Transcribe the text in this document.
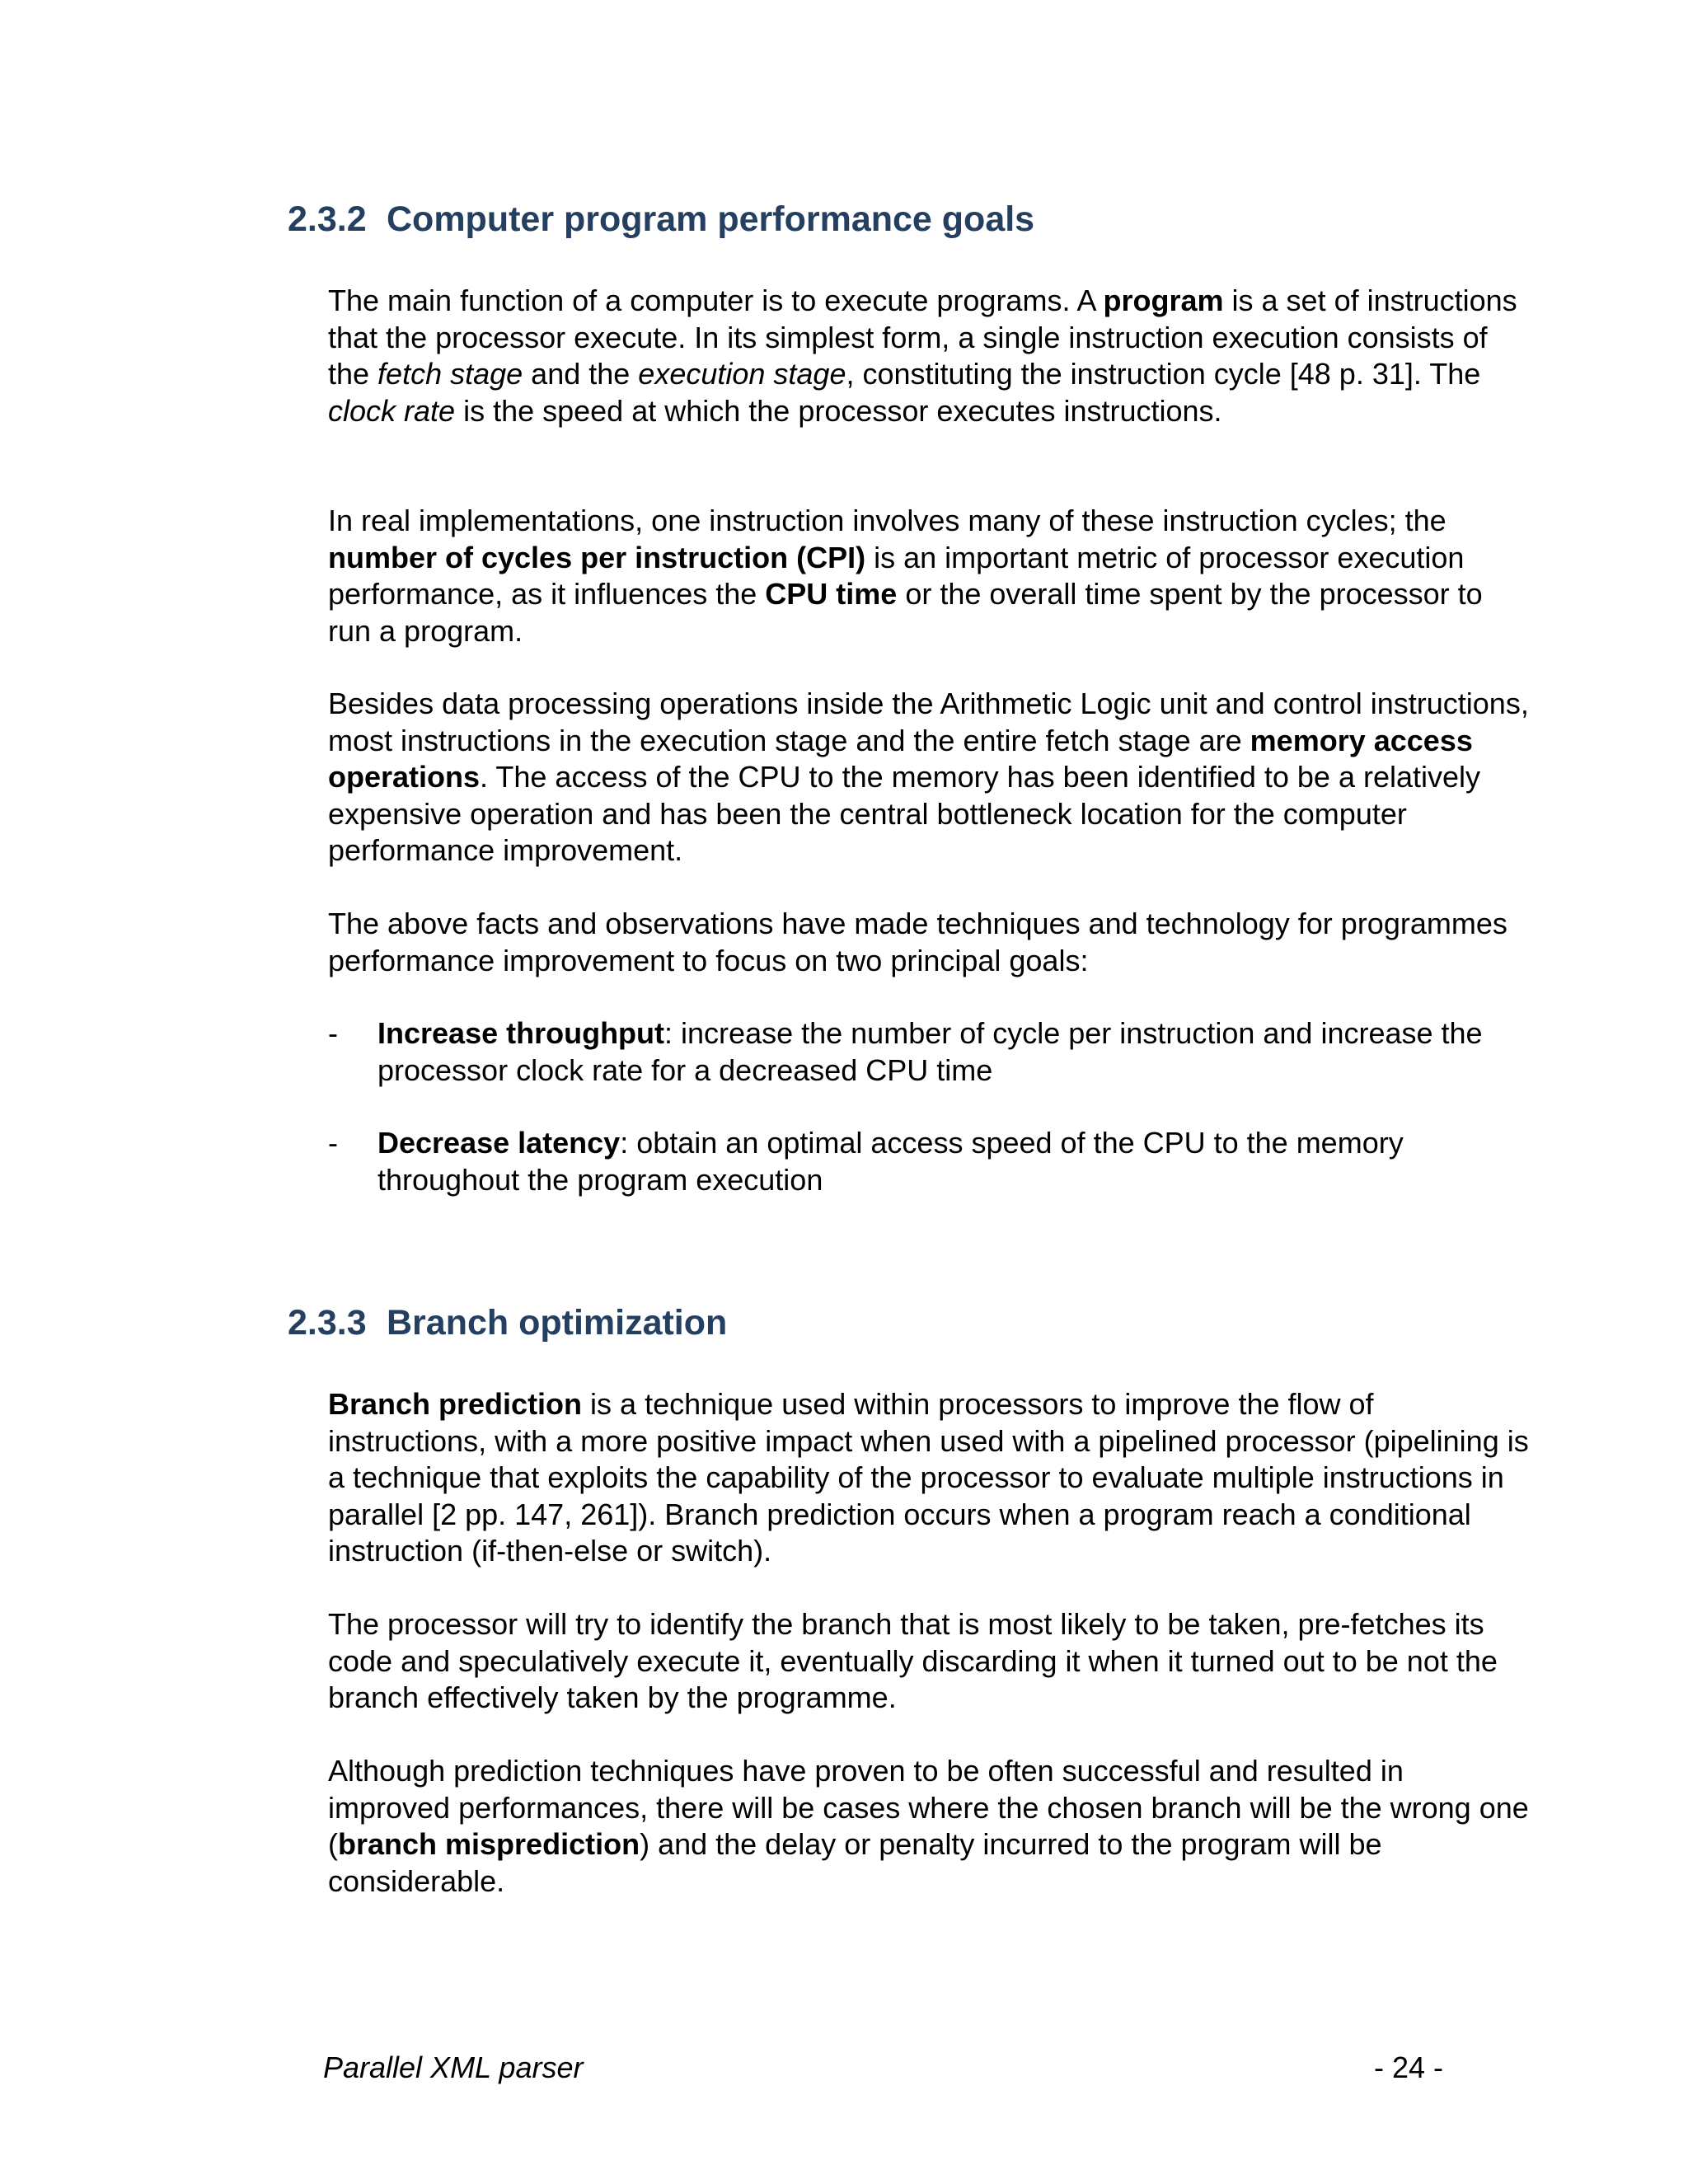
2.3.2 Computer program performance goals

The main function of a computer is to execute programs. A program is a set of instructions that the processor execute. In its simplest form, a single instruction execution consists of the fetch stage and the execution stage, constituting the instruction cycle [48 p. 31]. The clock rate is the speed at which the processor executes instructions.

In real implementations, one instruction involves many of these instruction cycles; the number of cycles per instruction (CPI) is an important metric of processor execution performance, as it influences the CPU time or the overall time spent by the processor to run a program.

Besides data processing operations inside the Arithmetic Logic unit and control instructions, most instructions in the execution stage and the entire fetch stage are memory access operations. The access of the CPU to the memory has been identified to be a relatively expensive operation and has been the central bottleneck location for the computer performance improvement.

The above facts and observations have made techniques and technology for programmes performance improvement to focus on two principal goals:

- Increase throughput: increase the number of cycle per instruction and increase the processor clock rate for a decreased CPU time
- Decrease latency: obtain an optimal access speed of the CPU to the memory throughout the program execution
2.3.3 Branch optimization

Branch prediction is a technique used within processors to improve the flow of instructions, with a more positive impact when used with a pipelined processor (pipelining is a technique that exploits the capability of the processor to evaluate multiple instructions in parallel [2 pp. 147, 261]). Branch prediction occurs when a program reach a conditional instruction (if-then-else or switch).

The processor will try to identify the branch that is most likely to be taken, pre-fetches its code and speculatively execute it, eventually discarding it when it turned out to be not the branch effectively taken by the programme.

Although prediction techniques have proven to be often successful and resulted in improved performances, there will be cases where the chosen branch will be the wrong one (branch misprediction) and the delay or penalty incurred to the program will be considerable.

Parallel XML parser	- 24 -
